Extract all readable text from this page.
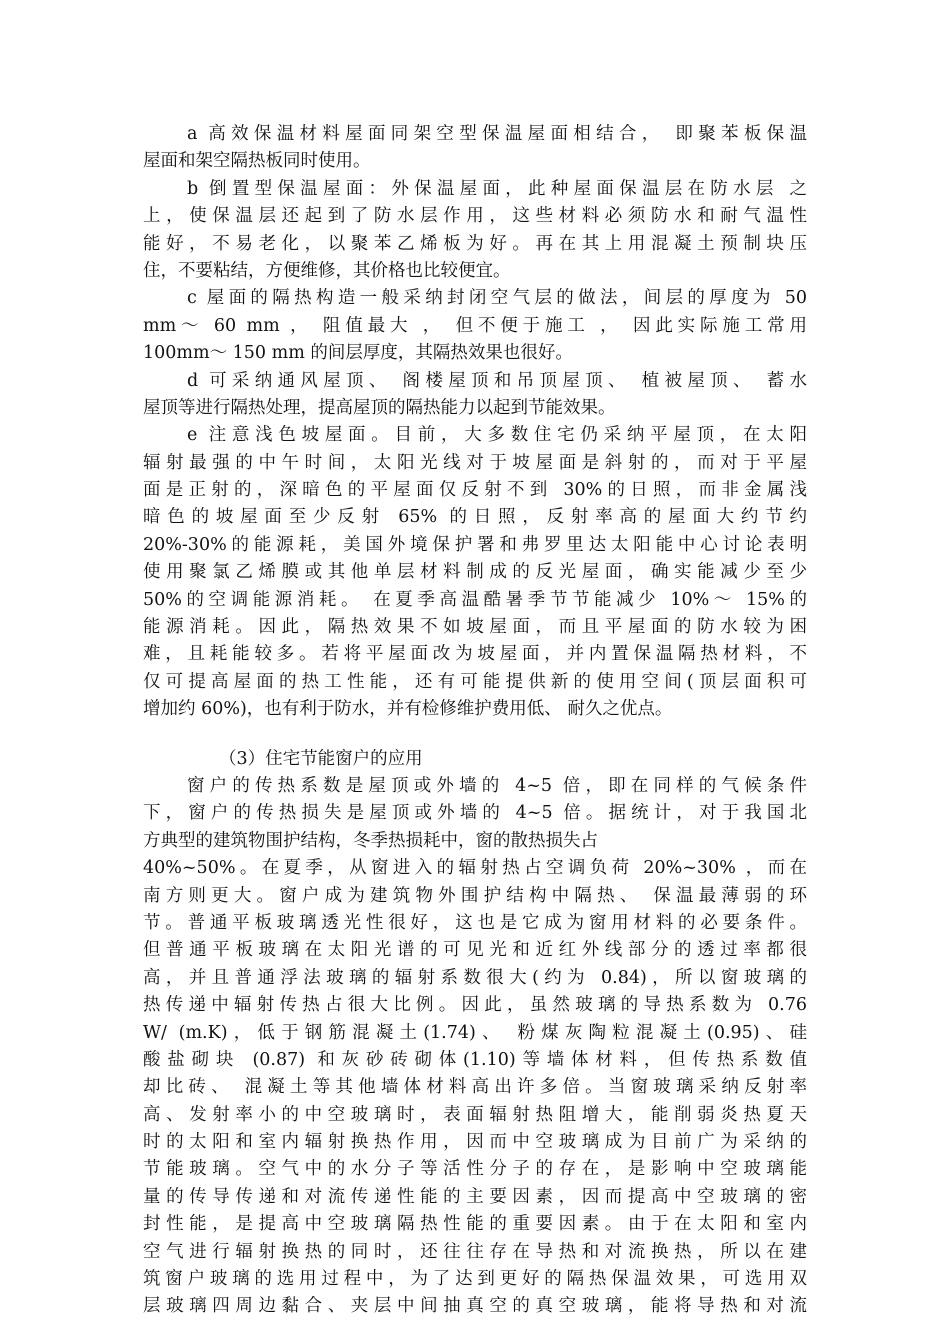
a 高效保温材料屋面同架空型保温屋面相结合， 即聚苯板保温
屋面和架空隔热板同时使用。
b 倒置型保温屋面：外保温屋面，此种屋面保温层在防水层 之
上，使保温层还起到了防水层作用，这些材料必须防水和耐气温性
能好，不易老化，以聚苯乙烯板为好。再在其上用混凝土预制块压
住，不要粘结，方便维修，其价格也比较便宜。
c 屋面的隔热构造一般采纳封闭空气层的做法，间层的厚度为 50
mm～ 60 mm ， 阻值最大 ， 但不便于施工 ， 因此实际施工常用
100mm～ 150 mm 的间层厚度，其隔热效果也很好。
d 可采纳通风屋顶、 阁楼屋顶和吊顶屋顶、 植被屋顶、 蓄水
屋顶等进行隔热处理，提高屋顶的隔热能力以起到节能效果。
e 注意浅色坡屋面。目前，大多数住宅仍采纳平屋顶，在太阳
辐射最强的中午时间，太阳光线对于坡屋面是斜射的，而对于平屋
面是正射的，深暗色的平屋面仅反射不到 30%的日照，而非金属浅
暗色的坡屋面至少反射 65% 的日照，反射率高的屋面大约节约
20%-30%的能源耗，美国外境保护署和弗罗里达太阳能中心讨论表明
使用聚氯乙烯膜或其他单层材料制成的反光屋面，确实能减少至少
50%的空调能源消耗。 在夏季高温酷暑季节节能减少 10%～ 15%的
能源消耗。因此，隔热效果不如坡屋面，而且平屋面的防水较为困
难，且耗能较多。若将平屋面改为坡屋面，并内置保温隔热材料，不
仅可提高屋面的热工性能，还有可能提供新的使用空间(顶层面积可
增加约 60%)，也有利于防水，并有检修维护费用低、 耐久之优点。
（3）住宅节能窗户的应用
窗户的传热系数是屋顶或外墙的 4~5 倍，即在同样的气候条件
下，窗户的传热损失是屋顶或外墙的 4~5 倍。据统计，对于我国北
方典型的建筑物围护结构，冬季热损耗中，窗的散热损失占
40%~50%。在夏季，从窗进入的辐射热占空调负荷 20%~30% ，而在
南方则更大。窗户成为建筑物外围护结构中隔热、 保温最薄弱的环
节。普通平板玻璃透光性很好，这也是它成为窗用材料的必要条件。
但普通平板玻璃在太阳光谱的可见光和近红外线部分的透过率都很
高，并且普通浮法玻璃的辐射系数很大(约为 0.84)，所以窗玻璃的
热传递中辐射传热占很大比例。因此，虽然玻璃的导热系数为 0.76
W/ (m.K)，低于钢筋混凝土(1.74)、 粉煤灰陶粒混凝土(0.95)、硅
酸盐砌块 (0.87) 和灰砂砖砌体(1.10)等墙体材料，但传热系数值
却比砖、 混凝土等其他墙体材料高出许多倍。当窗玻璃采纳反射率
高、发射率小的中空玻璃时，表面辐射热阻增大，能削弱炎热夏天
时的太阳和室内辐射换热作用，因而中空玻璃成为目前广为采纳的
节能玻璃。空气中的水分子等活性分子的存在，是影响中空玻璃能
量的传导传递和对流传递性能的主要因素，因而提高中空玻璃的密
封性能，是提高中空玻璃隔热性能的重要因素。由于在太阳和室内
空气进行辐射换热的同时，还往往存在导热和对流换热，所以在建
筑窗户玻璃的选用过程中，为了达到更好的隔热保温效果，可选用双
层玻璃四周边黏合、夹层中间抽真空的真空玻璃，能将导热和对流
